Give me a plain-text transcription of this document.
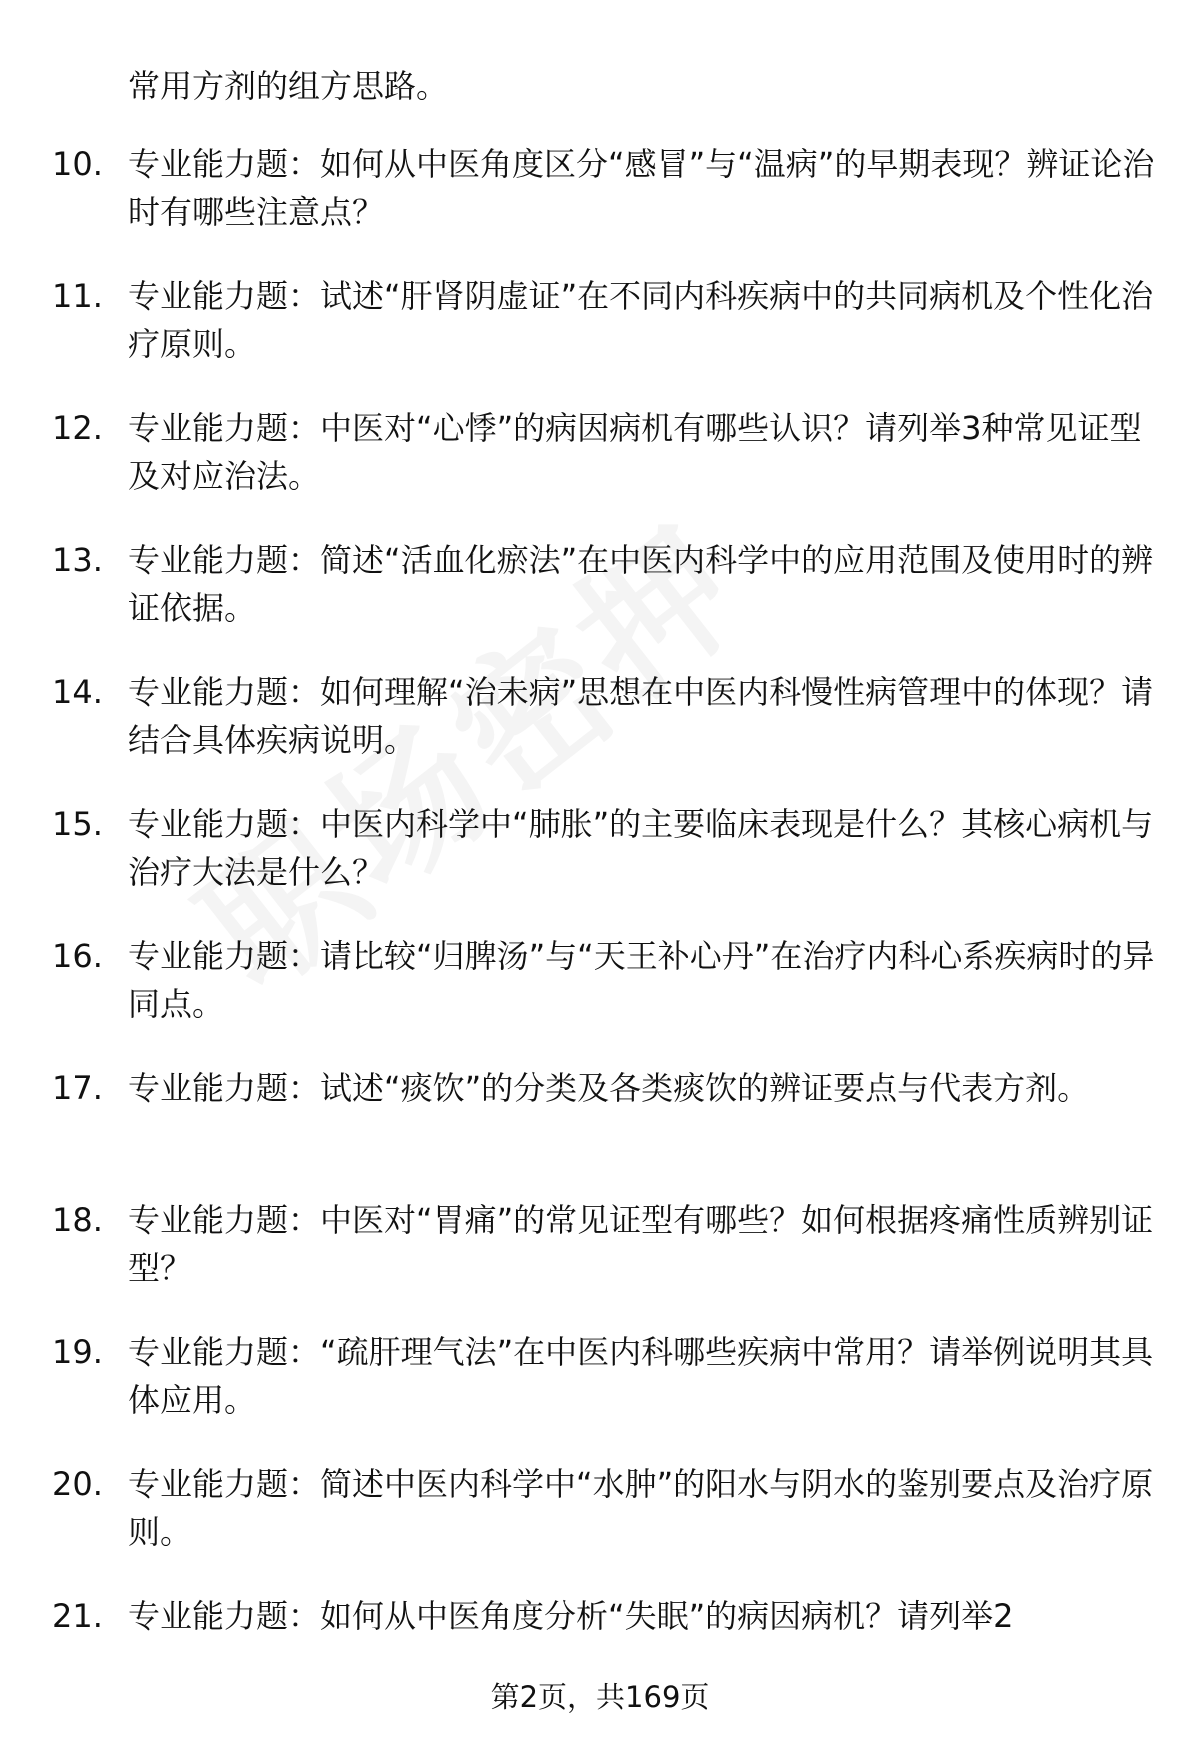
常用方剂的组方思路。

10. 专业能力题：如何从中医角度区分“感冒”与“温病”的早期表现？辨证论治时有哪些注意点？

11. 专业能力题：试述“肝肾阴虚证”在不同内科疾病中的共同病机及个性化治疗原则。

12. 专业能力题：中医对“心悸”的病因病机有哪些认识？请列举3种常见证型及对应治法。

13. 专业能力题：简述“活血化瘀法”在中医内科学中的应用范围及使用时的辨证依据。

14. 专业能力题：如何理解“治未病”思想在中医内科慢性病管理中的体现？请结合具体疾病说明。

15. 专业能力题：中医内科学中“肺胀”的主要临床表现是什么？其核心病机与治疗大法是什么？

16. 专业能力题：请比较“归脾汤”与“天王补心丹”在治疗内科心系疾病时的异同点。

17. 专业能力题：试述“痰饮”的分类及各类痰饮的辨证要点与代表方剂。

18. 专业能力题：中医对“胃痛”的常见证型有哪些？如何根据疼痛性质辨别证型？

19. 专业能力题：“疏肝理气法”在中医内科哪些疾病中常用？请举例说明其具体应用。

20. 专业能力题：简述中医内科学中“水肿”的阳水与阴水的鉴别要点及治疗原则。

21. 专业能力题：如何从中医角度分析“失眠”的病因病机？请列举2

第2页，共169页
